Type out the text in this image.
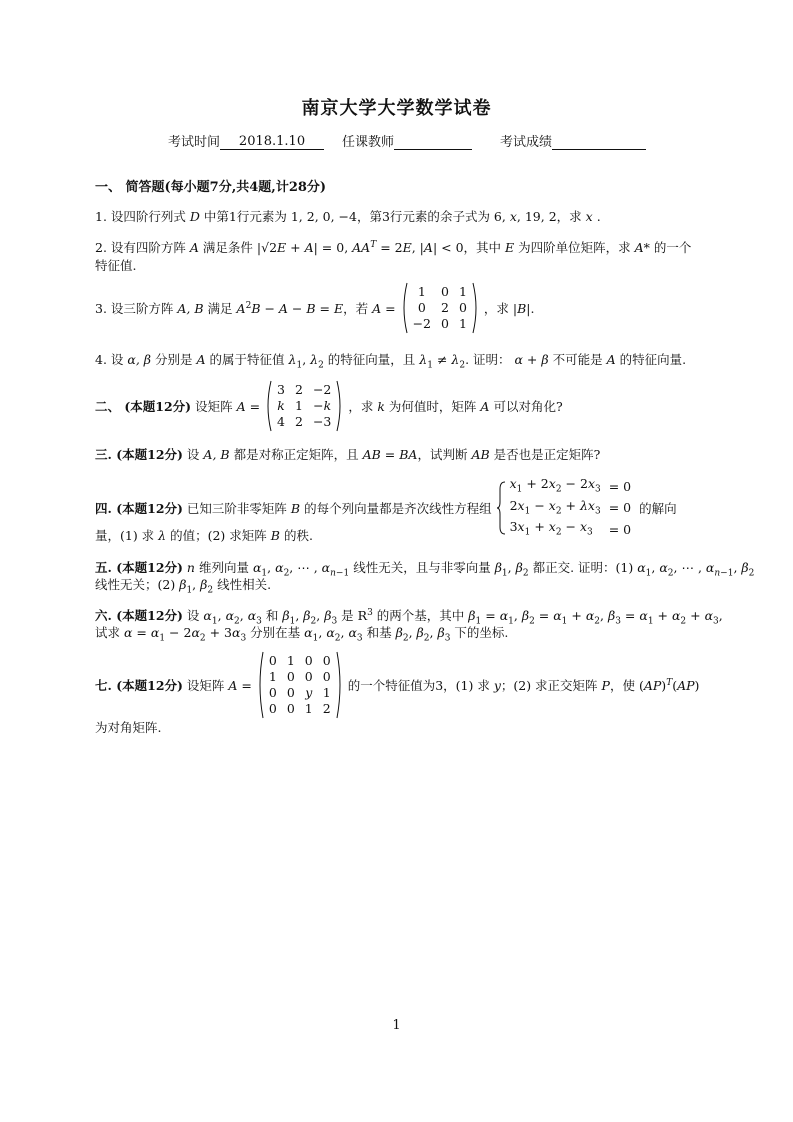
南京大学大学数学试卷
考试时间 2018.1.10	任课教师	考试成绩
一、 简答题(每小题7分,共4题,计28分)
1. 设四阶行列式 D 中第1行元素为 1, 2, 0, −4，第3行元素的余子式为 6, x, 19, 2，求 x .
2. 设有四阶方阵 A 满足条件 |√2E + A| = 0, $AA^T = 2E$, |A| < 0，其中 E 为四阶单位矩阵，求 A* 的一个
特征值.
3. 设三阶方阵 A, B 满足 $A^2B - A - B = E$，若 A =
1	0	1
0	2	0
−2	0	1
，求 |B|.
4. 设 α, β 分别是 A 的属于特征值 $\lambda_1$, $\lambda_2$ 的特征向量，且 $\lambda_1 \ne \lambda_2$. 证明： α + β 不可能是 A 的特征向量.
二、 (本题12分) 设矩阵 A =
3	2	−2
k	1	−k
4	2	−3
，求 k 为何值时，矩阵 A 可以对角化?
三. (本题12分) 设 A, B 都是对称正定矩阵，且 AB = BA，试判断 AB 是否也是正定矩阵?
四. (本题12分) 已知三阶非零矩阵 B 的每个列向量都是齐次线性方程组
$x_1 + 2x_2 - 2x_3$	= 0
$2x_1 - x_2 + \lambda x_3$	= 0
$3x_1 + x_2 - x_3$	= 0
的解向
量，(1) 求 λ 的值；(2) 求矩阵 B 的秩.
五. (本题12分) n 维列向量 $\alpha_1$, $\alpha_2$, ⋯ , $\alpha_{n-1}$ 线性无关，且与非零向量 $\beta_1$, $\beta_2$ 都正交. 证明：(1) $\alpha_1$, $\alpha_2$, ⋯ , $\alpha_{n-1}$, $\beta_2$
线性无关；(2) $\beta_1$, $\beta_2$ 线性相关.
六. (本题12分) 设 $\alpha_1$, $\alpha_2$, $\alpha_3$ 和 $\beta_1$, $\beta_2$, $\beta_3$ 是 $R^3$ 的两个基，其中 $\beta_1 = \alpha_1$, $\beta_2 = \alpha_1 + \alpha_2$, $\beta_3 = \alpha_1 + \alpha_2 + \alpha_3$,
试求 $\alpha = \alpha_1 - 2\alpha_2 + 3\alpha_3$ 分别在基 $\alpha_1$, $\alpha_2$, $\alpha_3$ 和基 $\beta_2$, $\beta_2$, $\beta_3$ 下的坐标.
七. (本题12分) 设矩阵 A =
0	1	0	0
1	0	0	0
0	0	y	1
0	0	1	2
的一个特征值为3，(1) 求 y；(2) 求正交矩阵 P，使 (AP)$^T$(AP)
为对角矩阵.
1
